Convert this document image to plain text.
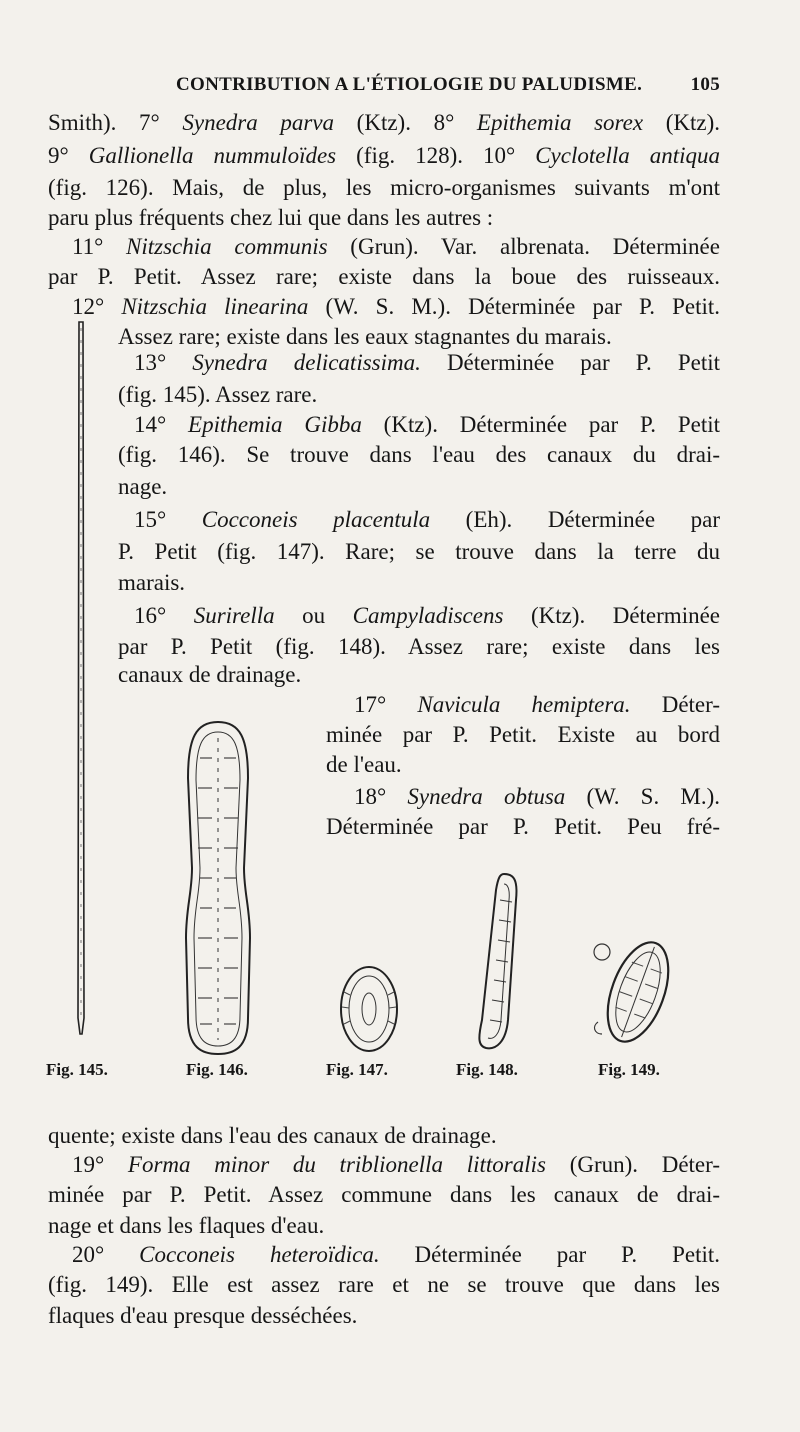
CONTRIBUTION A L'ÉTIOLOGIE DU PALUDISME.	105
Smith). 7° Synedra parva (Ktz). 8° Epithemia sorex (Ktz).
9° Gallionella nummuloïdes (fig. 128). 10° Cyclotella antiqua
(fig. 126). Mais, de plus, les micro-organismes suivants m'ont
paru plus fréquents chez lui que dans les autres :
11° Nitzschia communis (Grun). Var. albrenata. Déterminée
par P. Petit. Assez rare; existe dans la boue des ruisseaux.
12° Nitzschia linearina (W. S. M.). Déterminée par P. Petit.
Assez rare; existe dans les eaux stagnantes du marais.
13° Synedra delicatissima. Déterminée par P. Petit
(fig. 145). Assez rare.
14° Epithemia Gibba (Ktz). Déterminée par P. Petit
(fig. 146). Se trouve dans l'eau des canaux du drai-
nage.
15° Cocconeis placentula (Eh). Déterminée par
P. Petit (fig. 147). Rare; se trouve dans la terre du
marais.
16° Surirella ou Campyladiscens (Ktz). Déterminée
par P. Petit (fig. 148). Assez rare; existe dans les
canaux de drainage.
17° Navicula hemiptera. Déter-
minée par P. Petit. Existe au bord
de l'eau.
18° Synedra obtusa (W. S. M.).
Déterminée par P. Petit. Peu fré-
quente; existe dans l'eau des canaux de drainage.
19° Forma minor du triblionella littoralis (Grun). Déter-
minée par P. Petit. Assez commune dans les canaux de drai-
nage et dans les flaques d'eau.
20° Cocconeis heteroïdica. Déterminée par P. Petit.
(fig. 149). Elle est assez rare et ne se trouve que dans les
flaques d'eau presque desséchées.
Fig. 145.	Fig. 146.	Fig. 147.	Fig. 148.	Fig. 149.
